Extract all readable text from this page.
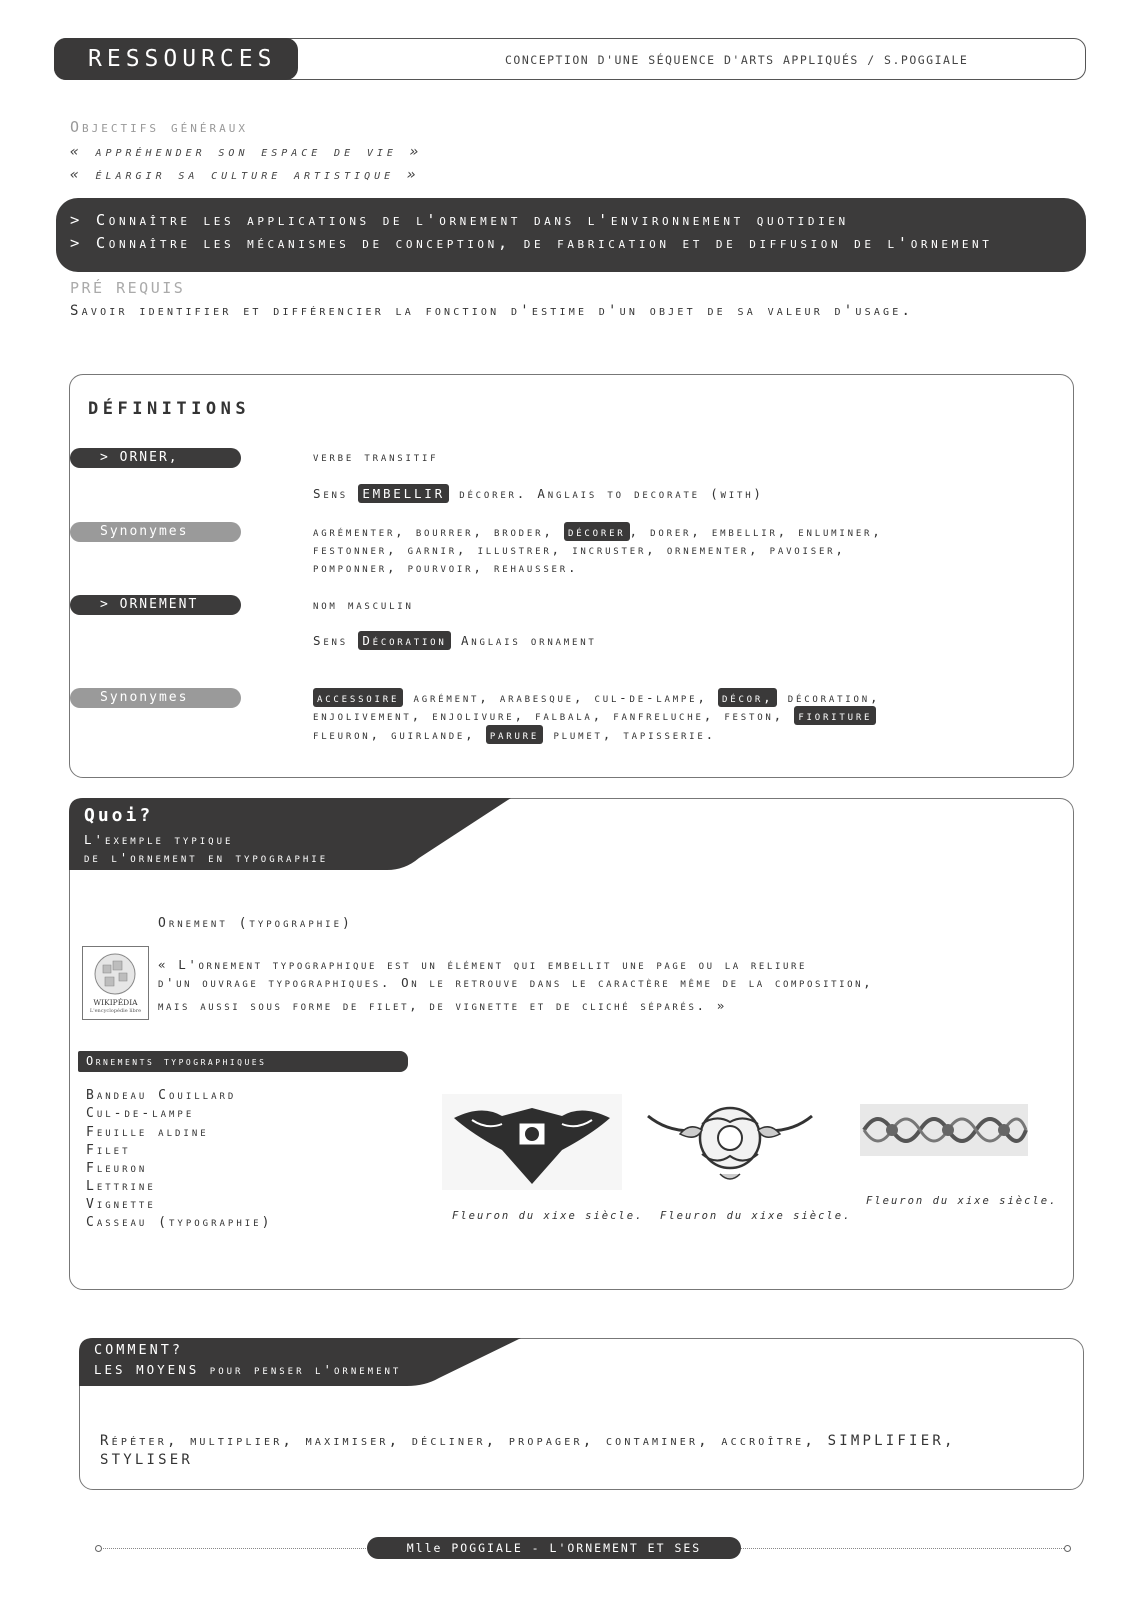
RESSOURCES	CONCEPTION D'UNE SÉQUENCE D'ARTS APPLIQUÉS / S.POGGIALE
Objectifs généraux
« appréhender son espace de vie »
« élargir sa culture artistique »
> Connaître les applications de l'ornement dans l'environnement quotidien
> Connaître les mécanismes de conception, de fabrication et de diffusion de l'ornement
PRÉ REQUIS
Savoir identifier et différencier la fonction d'estime d'un objet de sa valeur d'usage.
DÉFINITIONS
> ORNER,	verbe transitif
Sens EMBELLIR décorer. Anglais to decorate (with)
Synonymes	agrémenter, bourrer, broder, décorer , dorer, embellir, enluminer,
festonner, garnir, illustrer, incruster, ornementer, pavoiser,
pomponner, pourvoir, rehausser.
> ORNEMENT	nom masculin
Sens Décoration Anglais ornament
Synonymes	accessoire agrément, arabesque, cul-de-lampe, décor, décoration,
enjolivement, enjolivure, falbala, fanfreluche, feston, fioriture
fleuron, guirlande, parure plumet, tapisserie.
Quoi?
L'exemple typique
de l'ornement en typographie
Ornement (typographie)
WIKIPÉDIA
L'encyclopédie libre
« L'ornement typographique est un élément qui embellit une page ou la reliure
d'un ouvrage typographiques. On le retrouve dans le caractère même de la composition,
mais aussi sous forme de filet, de vignette et de cliché séparés. »
Ornements typographiques
Bandeau Couillard
Cul-de-lampe
Feuille aldine
Filet
Fleuron
Lettrine
Vignette
Casseau (typographie)	Fleuron du xixe siècle. Fleuron du xixe siècle.
Fleuron du xixe siècle.
COMMENT?
LES MOYENS pour penser l'ornement
Répéter, multiplier, maximiser, décliner, propager, contaminer, accroître, SIMPLIFIER,
STYLISER
Mlle POGGIALE - L'ORNEMENT ET SES APPLICATIONS
